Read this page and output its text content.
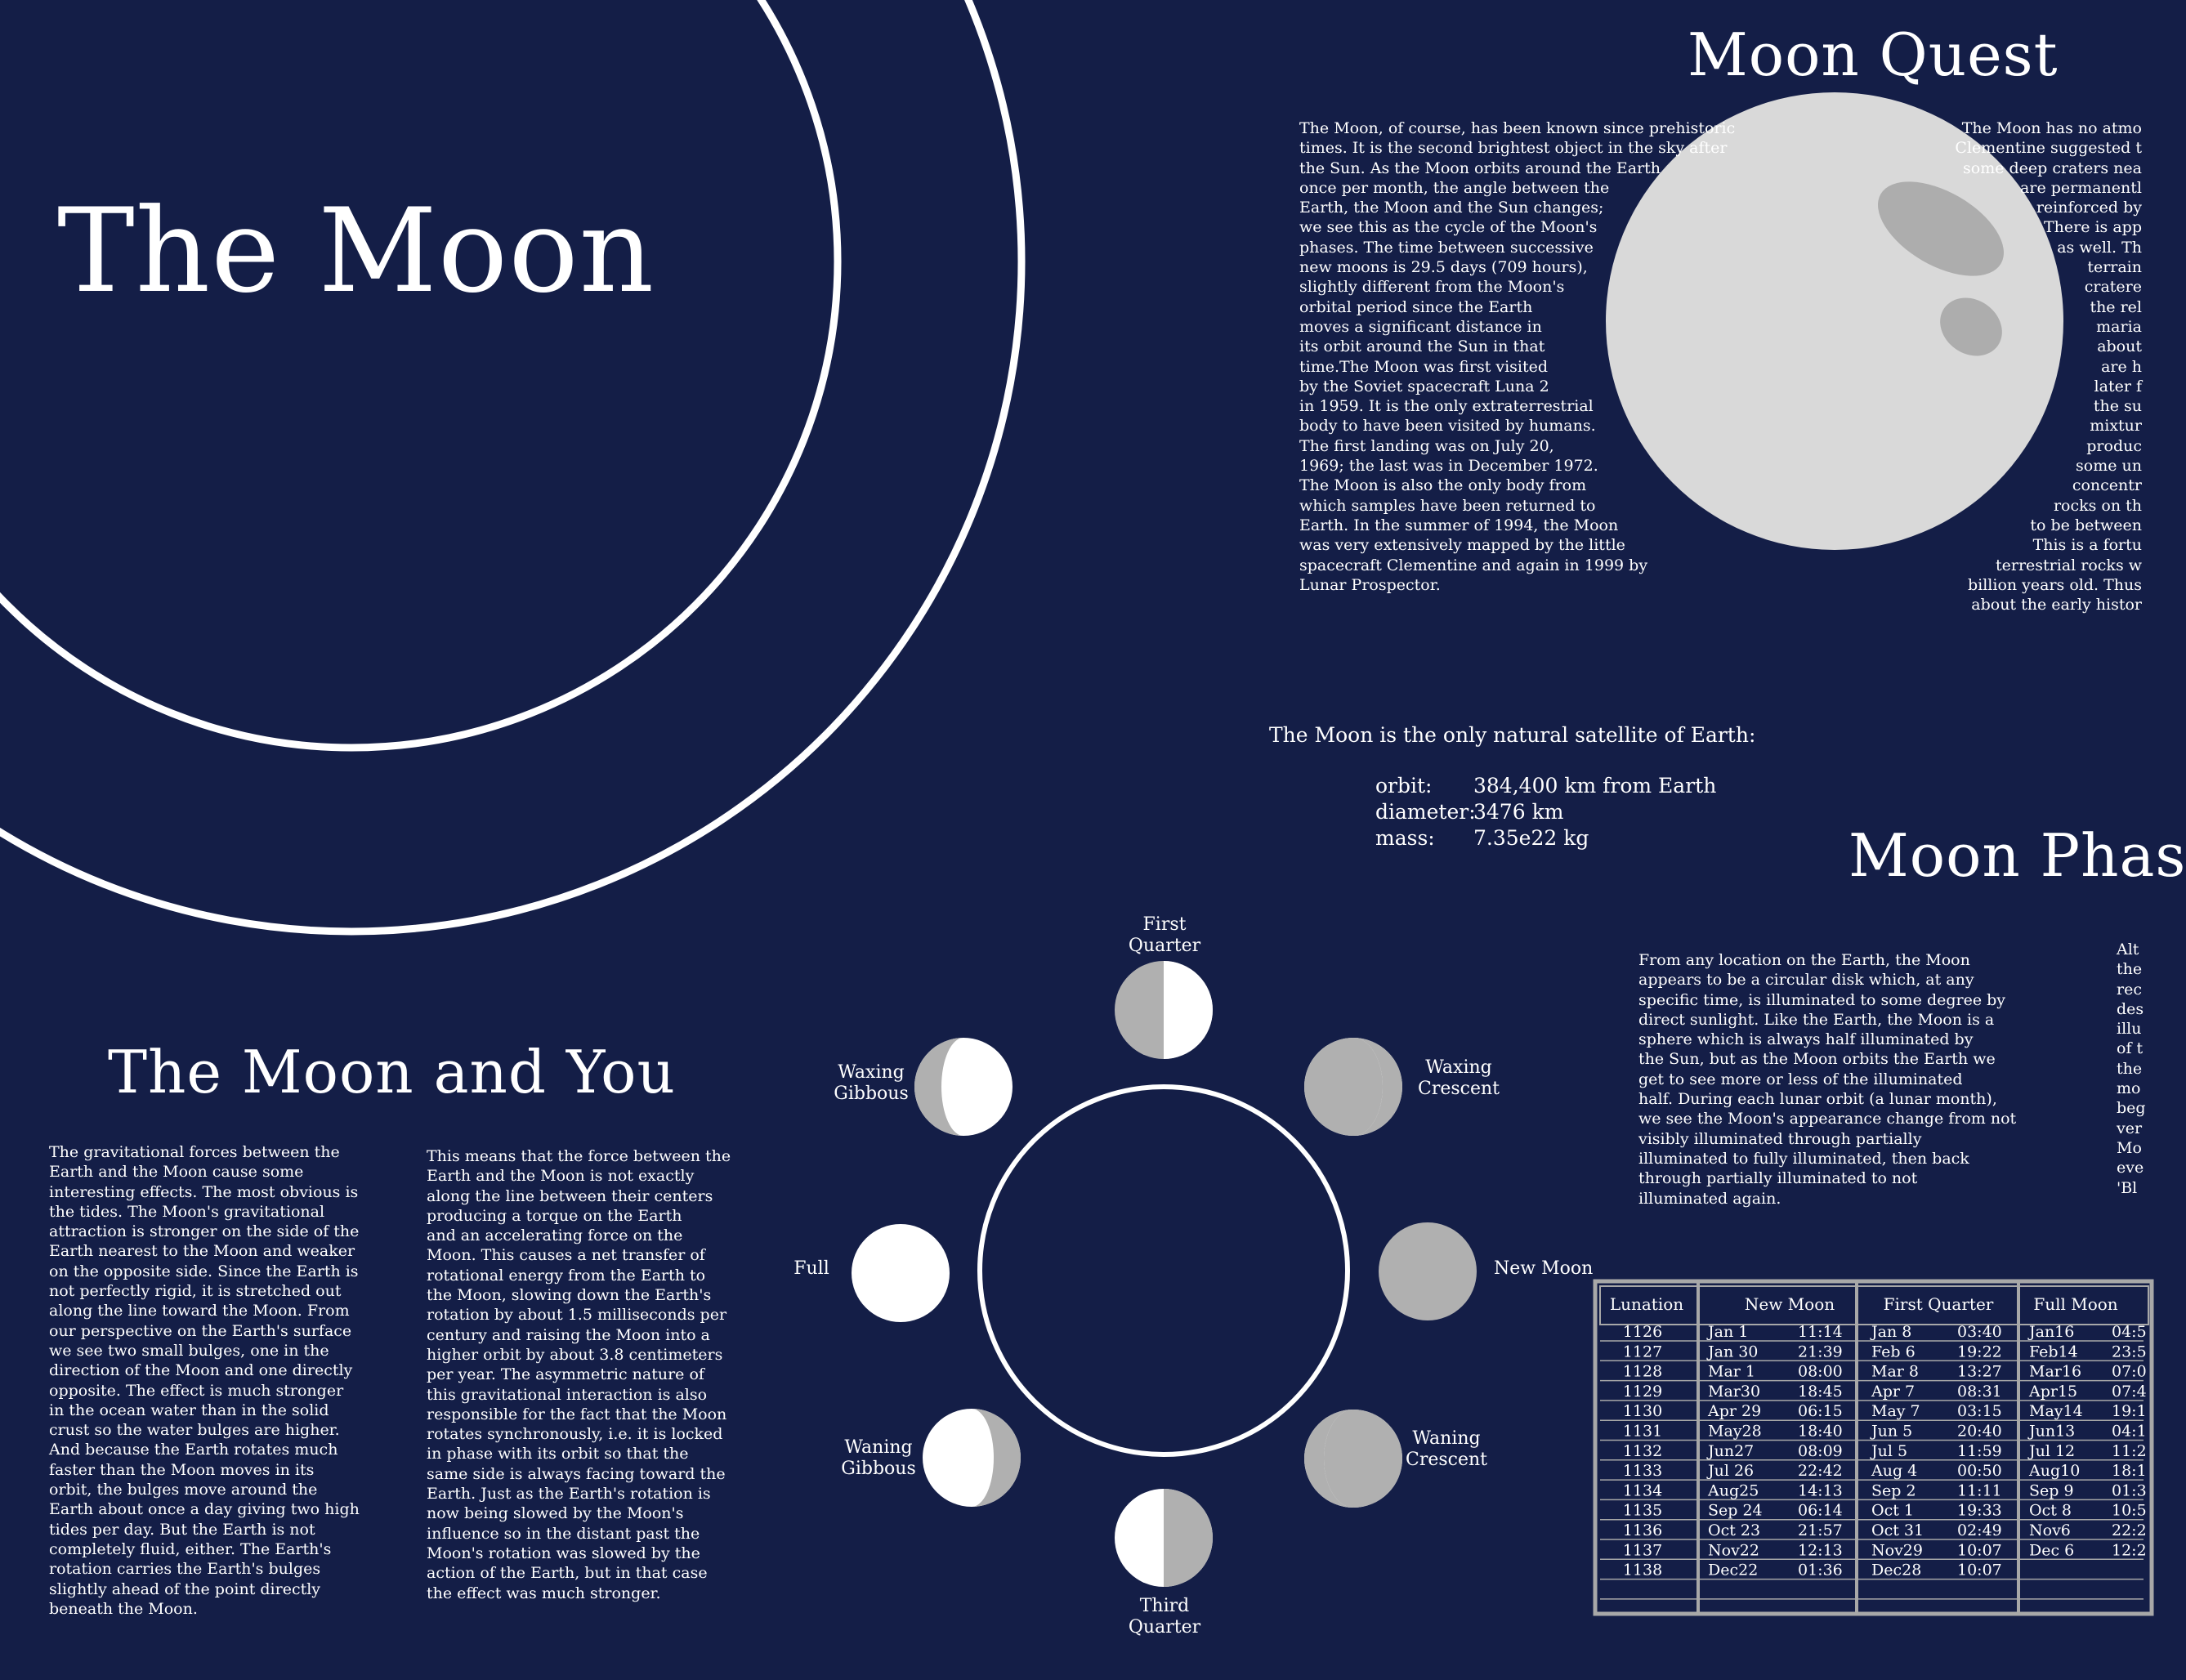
The Moon
Moon Quest
The Moon and You
Moon Phas
The Moon, of course, has been known since prehistoric
times. It is the second brightest object in the sky after
the Sun. As the Moon orbits around the Earth
once per month, the angle between the
Earth, the Moon and the Sun changes;
we see this as the cycle of the Moon's
phases. The time between successive
new moons is 29.5 days (709 hours),
slightly different from the Moon's
orbital period since the Earth
moves a significant distance in
its orbit around the Sun in that
time.The Moon was first visited
by the Soviet spacecraft Luna 2
in 1959. It is the only extraterrestrial
body to have been visited by humans.
The first landing was on July 20,
1969; the last was in December 1972.
The Moon is also the only body from
which samples have been returned to
Earth. In the summer of 1994, the Moon
was very extensively mapped by the little
spacecraft Clementine and again in 1999 by
Lunar Prospector.
The Moon has no atmo
Clementine suggested t
some deep craters nea
are permanentl
reinforced by
There is app
as well. Th
terrain
cratere
the rel
maria
about
are h
later f
the su
mixtur
produc
some un
concentr
rocks on th
to be between
This is a fortu
terrestrial rocks w
billion years old. Thus
about the early histor
The Moon is the only natural satellite of Earth:
orbit: 384,400 km from Earth
diameter:3476 km
mass: 7.35e22 kg
The gravitational forces between the
Earth and the Moon cause some
interesting effects. The most obvious is
the tides. The Moon's gravitational
attraction is stronger on the side of the
Earth nearest to the Moon and weaker
on the opposite side. Since the Earth is
not perfectly rigid, it is stretched out
along the line toward the Moon. From
our perspective on the Earth's surface
we see two small bulges, one in the
direction of the Moon and one directly
opposite. The effect is much stronger
in the ocean water than in the solid
crust so the water bulges are higher.
And because the Earth rotates much
faster than the Moon moves in its
orbit, the bulges move around the
Earth about once a day giving two high
tides per day. But the Earth is not
completely fluid, either. The Earth's
rotation carries the Earth's bulges
slightly ahead of the point directly
beneath the Moon.
This means that the force between the
Earth and the Moon is not exactly
along the line between their centers
producing a torque on the Earth
and an accelerating force on the
Moon. This causes a net transfer of
rotational energy from the Earth to
the Moon, slowing down the Earth's
rotation by about 1.5 milliseconds per
century and raising the Moon into a
higher orbit by about 3.8 centimeters
per year. The asymmetric nature of
this gravitational interaction is also
responsible for the fact that the Moon
rotates synchronously, i.e. it is locked
in phase with its orbit so that the
same side is always facing toward the
Earth. Just as the Earth's rotation is
now being slowed by the Moon's
influence so in the distant past the
Moon's rotation was slowed by the
action of the Earth, but in that case
the effect was much stronger.
First
Quarter
Waxing
Crescent
New Moon
Waning
Crescent
Third
Quarter
Waning
Gibbous
Full
Waxing
Gibbous
From any location on the Earth, the Moon
appears to be a circular disk which, at any
specific time, is illuminated to some degree by
direct sunlight. Like the Earth, the Moon is a
sphere which is always half illuminated by
the Sun, but as the Moon orbits the Earth we
get to see more or less of the illuminated
half. During each lunar orbit (a lunar month),
we see the Moon's appearance change from not
visibly illuminated through partially
illuminated to fully illuminated, then back
through partially illuminated to not
illuminated again.
Alt
the
rec
des
illu
of t
the
mo
beg
ver
Mo
eve
'Bl
Lunation	New Moon	First Quarter Full Moon
1126	Jan 1	11:14 Jan 8	03:40 Jan16 04:5
1127	Jan 30	21:39 Feb 6	19:22 Feb14 23:5
1128	Mar 1	08:00 Mar 8 13:27 Mar16 07:0
1129	Mar30 18:45 Apr 7	08:31 Apr15 07:4
1130	Apr 29 06:15 May 7 03:15 May14 19:1
1131	May28 18:40 Jun 5	20:40 Jun13 04:1
1132	Jun27	08:09 Jul 5	11:59 Jul 12 11:2
1133	Jul 26	22:42 Aug 4	00:50 Aug10 18:1
1134	Aug25	14:13 Sep 2	11:11 Sep 9 01:3
1135	Sep 24 06:14 Oct 1	19:33 Oct 8	10:5
1136	Oct 23 21:57 Oct 31 02:49 Nov6	22:2
1137	Nov22 12:13 Nov29 10:07 Dec 6 12:2
1138	Dec22	01:36 Dec28 10:07
